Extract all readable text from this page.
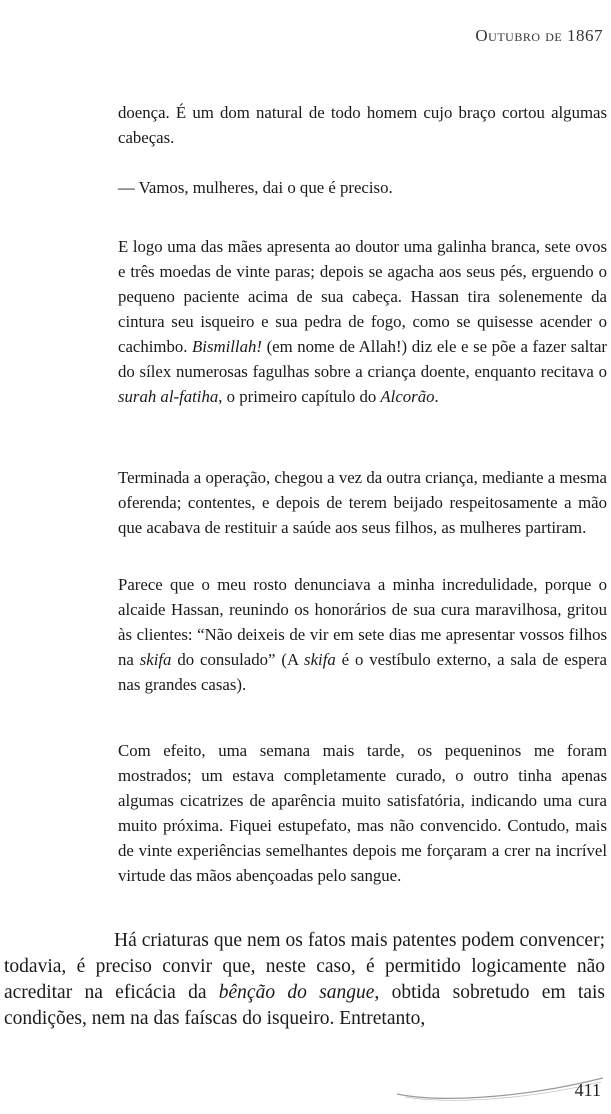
Outubro de 1867

doença. É um dom natural de todo homem cujo braço cortou algumas cabeças.

— Vamos, mulheres, dai o que é preciso.

E logo uma das mães apresenta ao doutor uma galinha branca, sete ovos e três moedas de vinte paras; depois se agacha aos seus pés, erguendo o pequeno paciente acima de sua cabeça. Hassan tira solenemente da cintura seu isqueiro e sua pedra de fogo, como se quisesse acender o cachimbo. Bismillah! (em nome de Allah!) diz ele e se põe a fazer saltar do sílex numerosas fagulhas sobre a criança doente, enquanto recitava o surah al-fatiha, o primeiro capítulo do Alcorão.

Terminada a operação, chegou a vez da outra criança, mediante a mesma oferenda; contentes, e depois de terem beijado respeitosamente a mão que acabava de restituir a saúde aos seus filhos, as mulheres partiram.

Parece que o meu rosto denunciava a minha incredulidade, porque o alcaide Hassan, reunindo os honorários de sua cura maravilhosa, gritou às clientes: “Não deixeis de vir em sete dias me apresentar vossos filhos na skifa do consulado” (A skifa é o vestíbulo externo, a sala de espera nas grandes casas).

Com efeito, uma semana mais tarde, os pequeninos me foram mostrados; um estava completamente curado, o outro tinha apenas algumas cicatrizes de aparência muito satisfatória, indicando uma cura muito próxima. Fiquei estupefato, mas não convencido. Contudo, mais de vinte experiências semelhantes depois me forçaram a crer na incrível virtude das mãos abençoadas pelo sangue.

Há criaturas que nem os fatos mais patentes podem convencer; todavia, é preciso convir que, neste caso, é permitido logicamente não acreditar na eficácia da bênção do sangue, obtida sobretudo em tais condições, nem na das faíscas do isqueiro. Entretanto,

411
